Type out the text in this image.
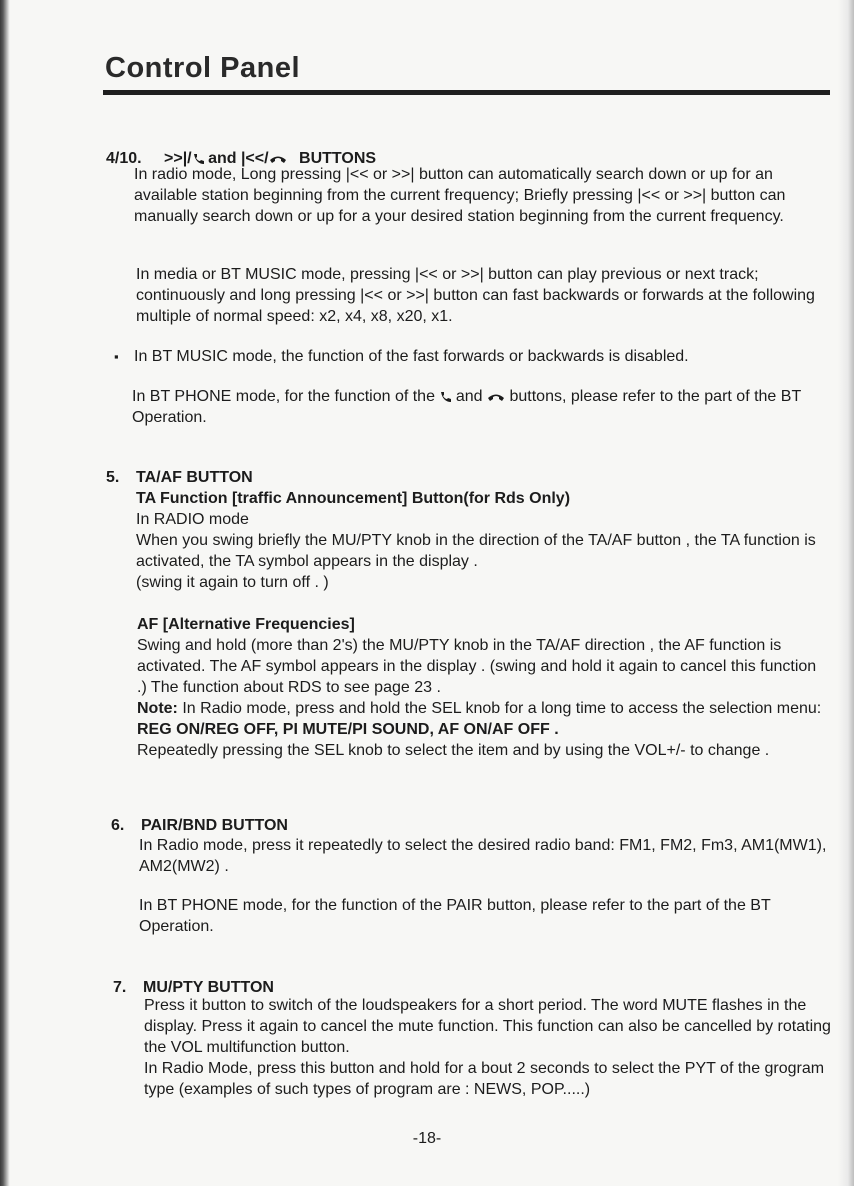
Control Panel
4/10. >>|/ and |<</ BUTTONS

In radio mode, Long pressing |<< or >>| button can automatically search down or up for an available station beginning from the current frequency; Briefly pressing |<< or >>| button can manually search down or up for a your desired station beginning from the current frequency.

In media or BT MUSIC mode, pressing |<< or >>| button can play previous or next track; continuously and long pressing |<< or >>| button can fast backwards or forwards at the following multiple of normal speed: x2, x4, x8, x20, x1.

▪ In BT MUSIC mode, the function of the fast forwards or backwards is disabled.

In BT PHONE mode, for the function of the and buttons, please refer to the part of the BT Operation.

5. TA/AF BUTTON

TA Function [traffic Announcement] Button(for Rds Only)

In RADIO mode

When you swing briefly the MU/PTY knob in the direction of the TA/AF button , the TA function is activated, the TA symbol appears in the display .

(swing it again to turn off . )

AF [Alternative Frequencies]

Swing and hold (more than 2's) the MU/PTY knob in the TA/AF direction , the AF function is activated. The AF symbol appears in the display . (swing and hold it again to cancel this function .) The function about RDS to see page 23 .

Note: In Radio mode, press and hold the SEL knob for a long time to access the selection menu: REG ON/REG OFF, PI MUTE/PI SOUND, AF ON/AF OFF .

Repeatedly pressing the SEL knob to select the item and by using the VOL+/- to change .

6. PAIR/BND BUTTON

In Radio mode, press it repeatedly to select the desired radio band: FM1, FM2, Fm3, AM1(MW1), AM2(MW2) .

In BT PHONE mode, for the function of the PAIR button, please refer to the part of the BT Operation.

7. MU/PTY BUTTON

Press it button to switch of the loudspeakers for a short period. The word MUTE flashes in the display. Press it again to cancel the mute function. This function can also be cancelled by rotating the VOL multifunction button.

In Radio Mode, press this button and hold for a bout 2 seconds to select the PYT of the grogram type (examples of such types of program are : NEWS, POP.....)

-18-
